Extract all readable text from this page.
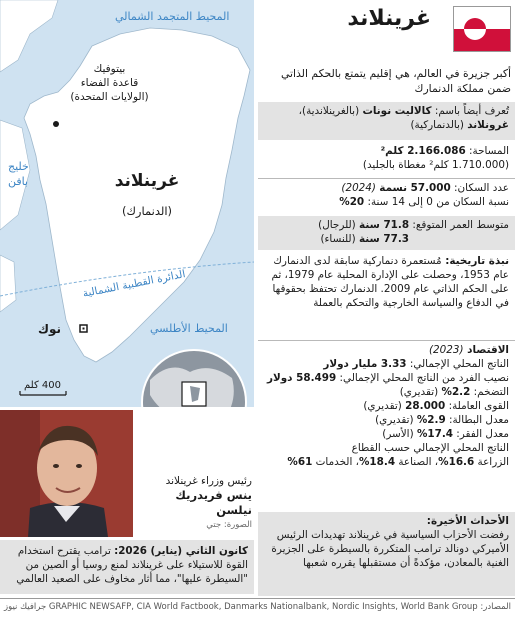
المحيط المتجمد الشمالي
خليج
بافن
المحيط الأطلسي
الدائرة القطبية الشمالية
بيتوفيك
قاعدة الفضاء
(الولايات المتحدة)
غرينلاند
(الدنمارك)
نوك
400 كلم
رئيس وزراء غرينلاند
ينس فريدريك نيلسن
الصورة: جتي
كانون الثاني (يناير) 2026: ترامب يقترح استخدام القوة للاستيلاء على غرينلاند لمنع روسيا أو الصين من "السيطرة عليها"، مما أثار مخاوف على الصعيد العالمي
غرينلاند
أكبر جزيرة في العالم، هي إقليم يتمتع بالحكم الذاتي ضمن مملكة الدنمارك
تُعرف أيضاً باسم: كالاليت نونات (بالغرينلاندية)، غرونلاند (بالدنماركية)
المساحة: 2.166.086 كلم²
(1.710.000 كلم² مغطاة بالجليد)
عدد السكان: 57.000 نسمة (2024)
نسبة السكان من 0 إلى 14 سنة: 20%
متوسط العمر المتوقع: 71.8 سنة (للرجال)
77.3 سنة (للنساء)
نبذة تاريخية: مُستعمرة دنماركية سابقة لدى الدنمارك عام 1953، وحصلت على الإدارة المحلية عام 1979، ثم على الحكم الذاتي عام 2009. الدنمارك تحتفظ بحقوقها في الدفاع والسياسة الخارجية والتحكم بالعملة
الاقتصاد (2023)
الناتج المحلي الإجمالي: 3.33 مليار دولار
نصيب الفرد من الناتج المحلي الإجمالي: 58.499 دولار
التضخم: 2.2% (تقديري)
القوى العاملة: 28.000 (تقديري)
معدل البطالة: 2.9% (تقديري)
معدل الفقر: 17.4% (الأسر)
الناتج المحلي الإجمالي حسب القطاع
الزراعة 16.6%، الصناعة 18.4%، الخدمات 61%
الأحداث الأخيرة:
رفضت الأحزاب السياسية في غرينلاند تهديدات الرئيس الأميركي دونالد ترامب المتكررة بالسيطرة على الجزيرة الغنية بالمعادن، مؤكدةً أن مستقبلها يقرره شعبها
المصادر: AFP, CIA World Factbook, Danmarks Nationalbank, Nordic Insights, World Bank Group
جرافيك نيوز GRAPHIC NEWS
